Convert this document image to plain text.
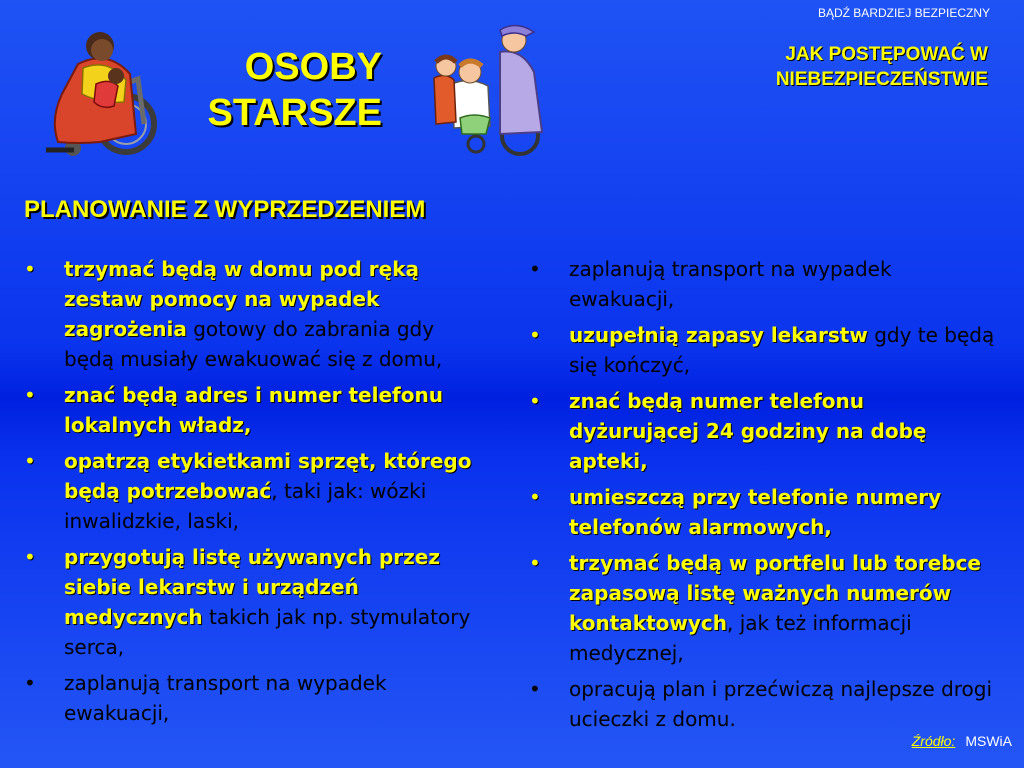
BĄDŹ BARDZIEJ BEZPIECZNY
OSOBY
STARSZE
JAK POSTĘPOWAĆ W
NIEBEZPIECZEŃSTWIE
PLANOWANIE Z WYPRZEDZENIEM
• trzymać będą w domu pod ręką zestaw pomocy na wypadek zagrożenia gotowy do zabrania gdy będą musiały ewakuować się z domu,
• znać będą adres i numer telefonu lokalnych władz,
• opatrzą etykietkami sprzęt, którego będą potrzebować, taki jak: wózki inwalidzkie, laski,
• przygotują listę używanych przez siebie lekarstw i urządzeń medycznych takich jak np. stymulatory serca,
• zaplanują transport na wypadek ewakuacji,
• zaplanują transport na wypadek ewakuacji,
• uzupełnią zapasy lekarstw gdy te będą się kończyć,
• znać będą numer telefonu dyżurującej 24 godziny na dobę apteki,
• umieszczą przy telefonie numery telefonów alarmowych,
• trzymać będą w portfelu lub torebce zapasową listę ważnych numerów kontaktowych, jak też informacji medycznej,
• opracują plan i przećwiczą najlepsze drogi ucieczki z domu.
Źródło: MSWiA
